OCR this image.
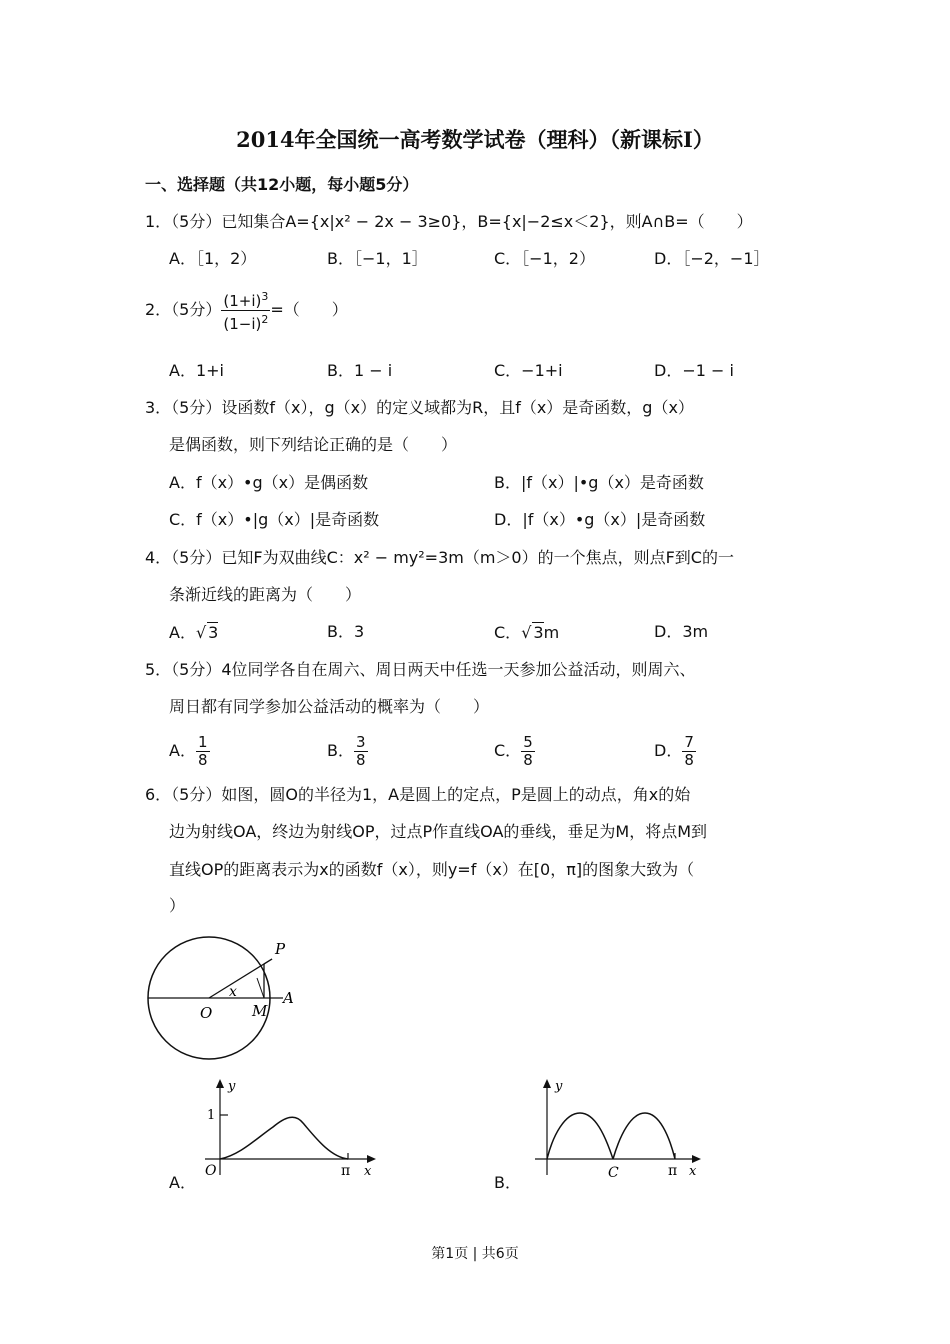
2014年全国统一高考数学试卷（理科）（新课标Ⅰ）
一、选择题（共12小题，每小题5分）
1．（5分）已知集合A={x|x² − 2x − 3≥0}，B={x|−2≤x＜2}，则A∩B=（　　）
A．［1，2）	B．［−1，1］	C．［−1，2）	D．［−2，−1］
2．（5分） $\frac{(1+i)^3}{(1-i)^2}$ =（　　）
A．1+i	B．1 − i	C．−1+i	D．−1 − i
3．（5分）设函数f（x），g（x）的定义域都为R，且f（x）是奇函数，g（x）
是偶函数，则下列结论正确的是（　　）
A．f（x）•g（x）是偶函数	B．|f（x）|•g（x）是奇函数
C．f（x）•|g（x）|是奇函数	D．|f（x）•g（x）|是奇函数
4．（5分）已知F为双曲线C：x² − my²=3m（m＞0）的一个焦点，则点F到C的一
条渐近线的距离为（　　）
A．√ 3	B．3	C．√ 3m	D．3m
5．（5分）4位同学各自在周六、周日两天中任选一天参加公益活动，则周六、
周日都有同学参加公益活动的概率为（　　）
A． $\frac{1}{8}$	B． $\frac{3}{8}$	C． $\frac{5}{8}$	D． $\frac{7}{8}$
6．（5分）如图，圆O的半径为1，A是圆上的定点，P是圆上的动点，角x的始
边为射线OA，终边为射线OP，过点P作直线OA的垂线，垂足为M，将点M到
直线OP的距离表示为x的函数f（x），则y=f（x）在[0，π]的图象大致为（
）
P
O	M
A
x
A．
y
1
O	π x
B．
y
C	π x
第1页 | 共6页
